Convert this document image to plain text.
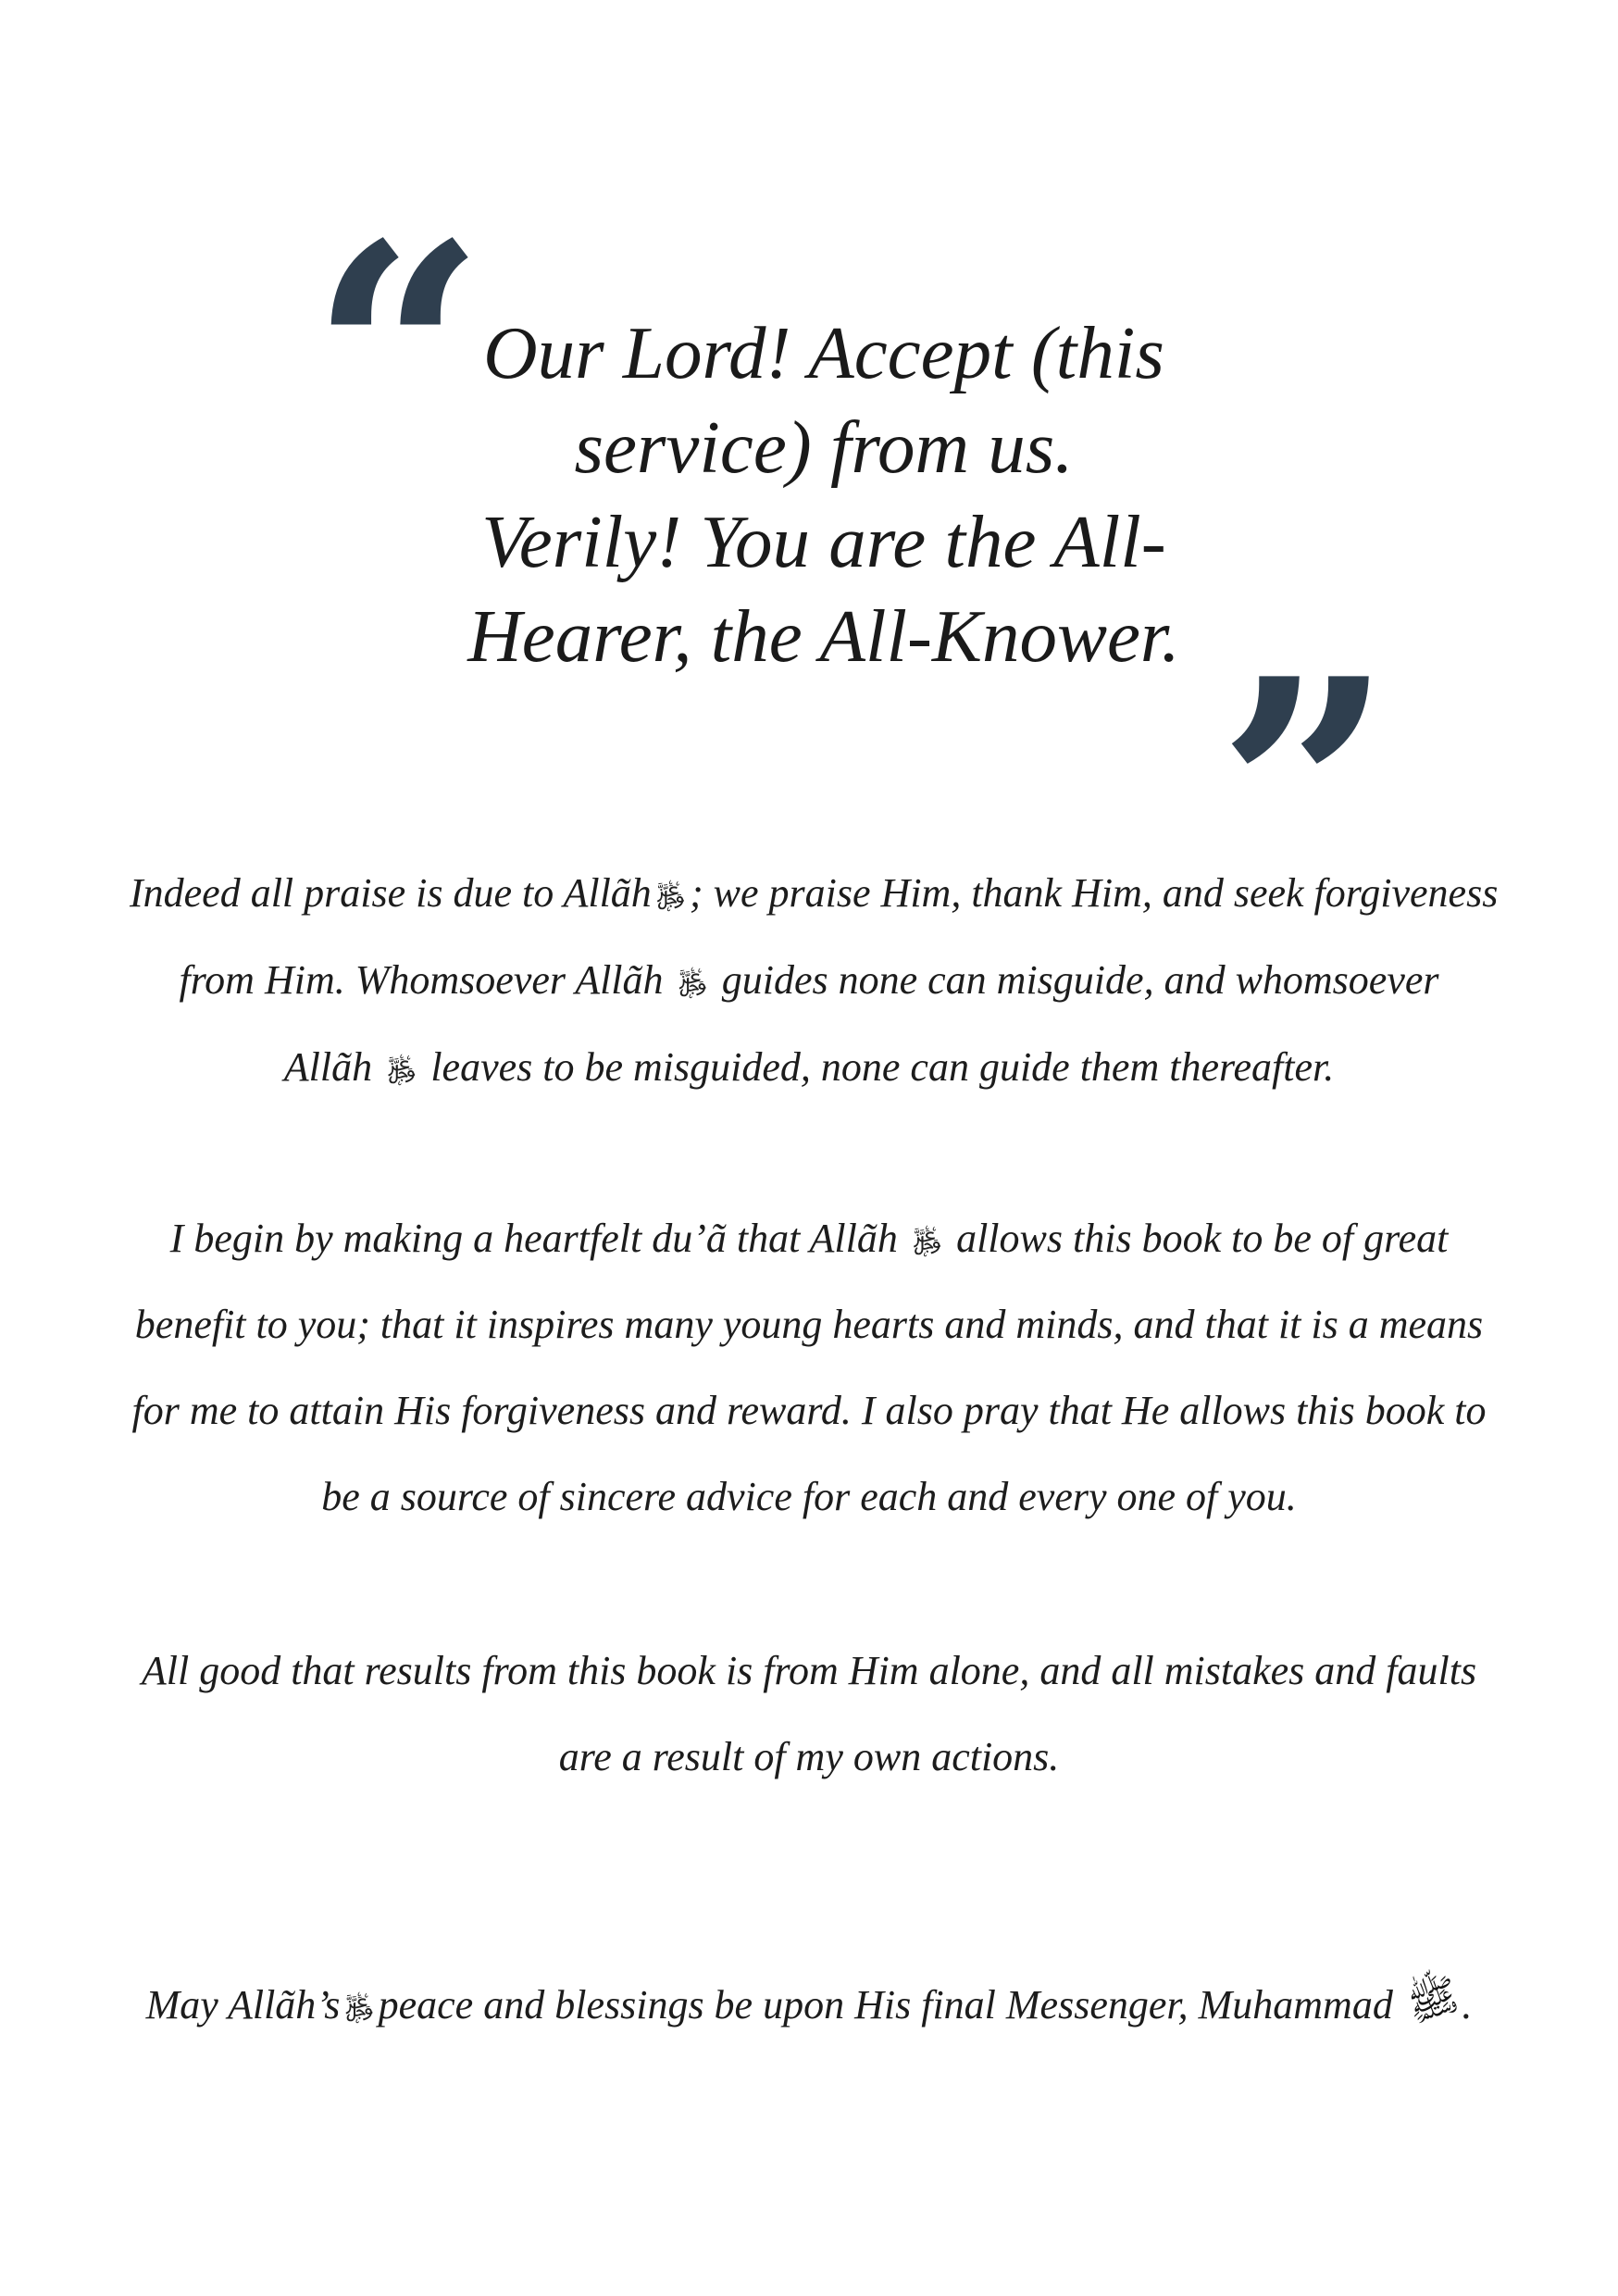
“
Our Lord! Accept (this
service) from us.
Verily! You are the All-
Hearer, the All-Knower. ”
Indeed all praise is due to Allãh ﷿; we praise Him, thank Him, and seek forgiveness
from Him. Whomsoever Allãh ﷿ guides none can misguide, and whomsoever
Allãh ﷿ leaves to be misguided, none can guide them thereafter.
I begin by making a heartfelt du’ã that Allãh ﷿ allows this book to be of great
benefit to you; that it inspires many young hearts and minds, and that it is a means
for me to attain His forgiveness and reward. I also pray that He allows this book to
be a source of sincere advice for each and every one of you.
All good that results from this book is from Him alone, and all mistakes and faults
are a result of my own actions.
May Allãh’s ﷿peace and blessings be upon His final Messenger, Muhammad ﷺ.
